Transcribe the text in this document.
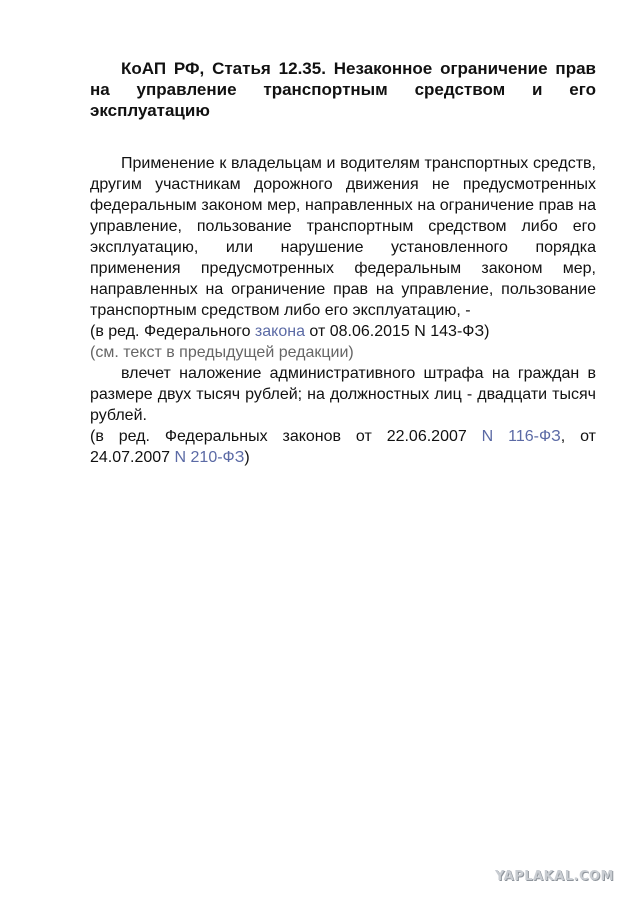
КоАП РФ, Статья 12.35. Незаконное ограничение прав на управление транспортным средством и его эксплуатацию

Применение к владельцам и водителям транспортных средств, другим участникам дорожного движения не предусмотренных федеральным законом мер, направленных на ограничение прав на управление, пользование транспортным средством либо его эксплуатацию, или нарушение установленного порядка применения предусмотренных федеральным законом мер, направленных на ограничение прав на управление, пользование транспортным средством либо его эксплуатацию, -

(в ред. Федерального закона от 08.06.2015 N 143-ФЗ)

(см. текст в предыдущей редакции)

влечет наложение административного штрафа на граждан в размере двух тысяч рублей; на должностных лиц - двадцати тысяч рублей.

(в ред. Федеральных законов от 22.06.2007 N 116-ФЗ, от 24.07.2007 N 210-ФЗ)

YAPLAKAL.COM
